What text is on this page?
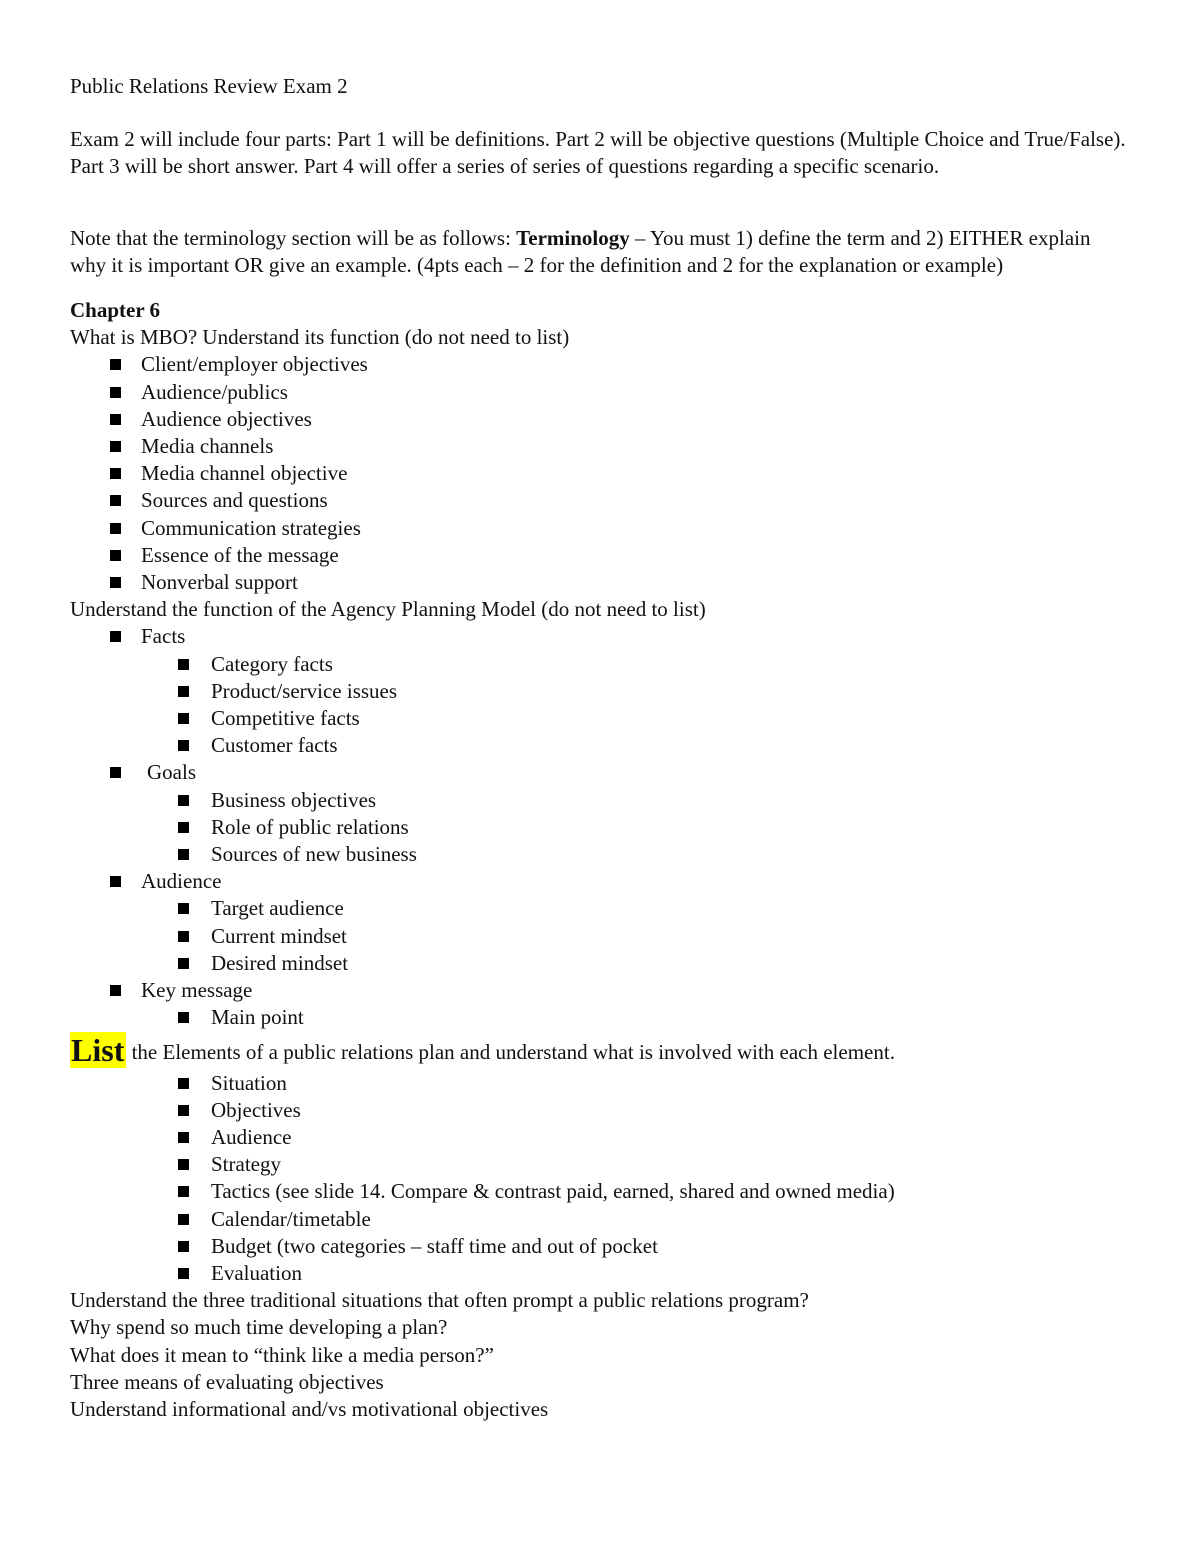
Public Relations Review Exam 2

Exam 2 will include four parts: Part 1 will be definitions. Part 2 will be objective questions (Multiple Choice and True/False). Part 3 will be short answer. Part 4 will offer a series of series of questions regarding a specific scenario.

Note that the terminology section will be as follows: Terminology – You must 1) define the term and 2) EITHER explain why it is important OR give an example. (4pts each – 2 for the definition and 2 for the explanation or example)

Chapter 6

What is MBO? Understand its function (do not need to list)

Client/employer objectives
Audience/publics
Audience objectives
Media channels
Media channel objective
Sources and questions
Communication strategies
Essence of the message
Nonverbal support

Understand the function of the Agency Planning Model (do not need to list)

Facts
Category facts
Product/service issues
Competitive facts
Customer facts
Goals
Business objectives
Role of public relations
Sources of new business
Audience
Target audience
Current mindset
Desired mindset
Key message
Main point

List the Elements of a public relations plan and understand what is involved with each element.

Situation
Objectives
Audience
Strategy
Tactics (see slide 14. Compare & contrast paid, earned, shared and owned media)
Calendar/timetable
Budget (two categories – staff time and out of pocket
Evaluation

Understand the three traditional situations that often prompt a public relations program?

Why spend so much time developing a plan?

What does it mean to “think like a media person?”

Three means of evaluating objectives

Understand informational and/vs motivational objectives
